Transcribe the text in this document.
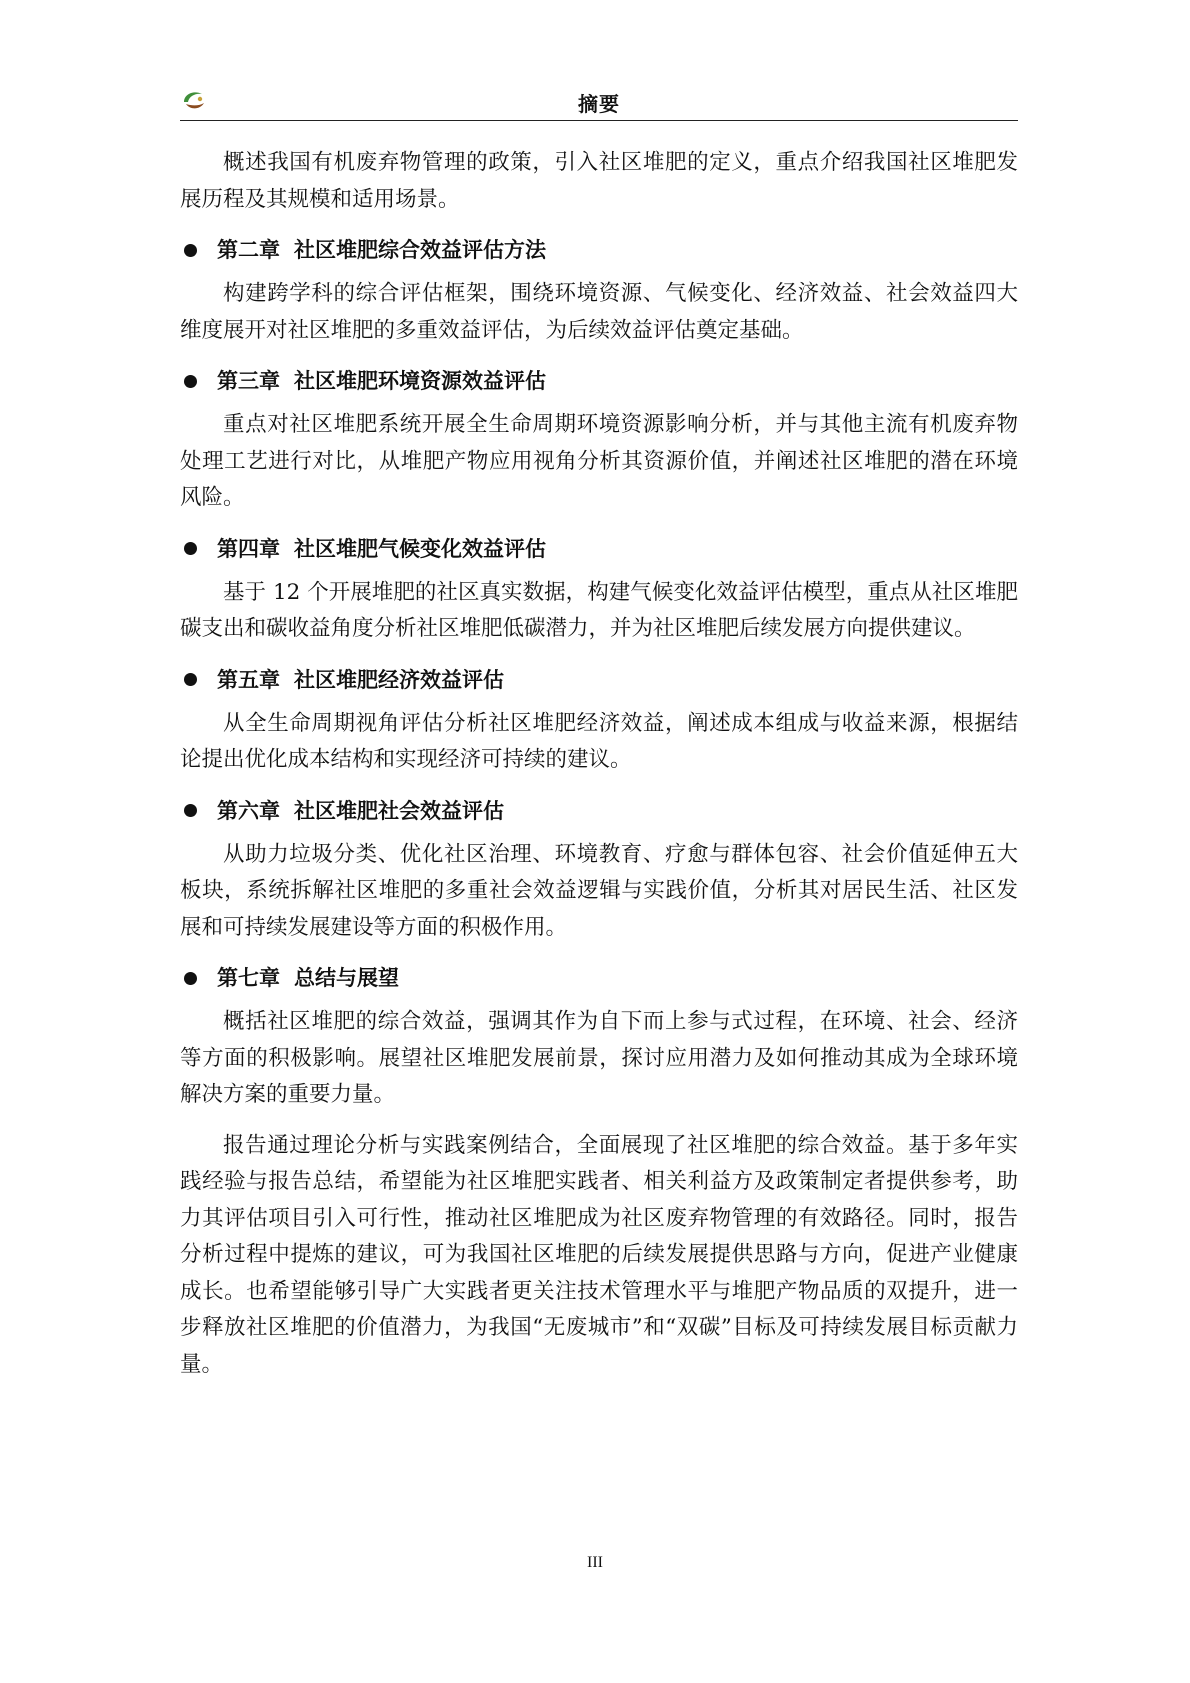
摘要

概述我国有机废弃物管理的政策，引入社区堆肥的定义，重点介绍我国社区堆肥发展历程及其规模和适用场景。

第二章 社区堆肥综合效益评估方法

构建跨学科的综合评估框架，围绕环境资源、气候变化、经济效益、社会效益四大维度展开对社区堆肥的多重效益评估，为后续效益评估奠定基础。

第三章 社区堆肥环境资源效益评估

重点对社区堆肥系统开展全生命周期环境资源影响分析，并与其他主流有机废弃物处理工艺进行对比，从堆肥产物应用视角分析其资源价值，并阐述社区堆肥的潜在环境风险。

第四章 社区堆肥气候变化效益评估

基于 12 个开展堆肥的社区真实数据，构建气候变化效益评估模型，重点从社区堆肥碳支出和碳收益角度分析社区堆肥低碳潜力，并为社区堆肥后续发展方向提供建议。

第五章 社区堆肥经济效益评估

从全生命周期视角评估分析社区堆肥经济效益，阐述成本组成与收益来源，根据结论提出优化成本结构和实现经济可持续的建议。

第六章 社区堆肥社会效益评估

从助力垃圾分类、优化社区治理、环境教育、疗愈与群体包容、社会价值延伸五大板块，系统拆解社区堆肥的多重社会效益逻辑与实践价值，分析其对居民生活、社区发展和可持续发展建设等方面的积极作用。

第七章 总结与展望

概括社区堆肥的综合效益，强调其作为自下而上参与式过程，在环境、社会、经济等方面的积极影响。展望社区堆肥发展前景，探讨应用潜力及如何推动其成为全球环境解决方案的重要力量。

报告通过理论分析与实践案例结合，全面展现了社区堆肥的综合效益。基于多年实践经验与报告总结，希望能为社区堆肥实践者、相关利益方及政策制定者提供参考，助力其评估项目引入可行性，推动社区堆肥成为社区废弃物管理的有效路径。同时，报告分析过程中提炼的建议，可为我国社区堆肥的后续发展提供思路与方向，促进产业健康成长。也希望能够引导广大实践者更关注技术管理水平与堆肥产物品质的双提升，进一步释放社区堆肥的价值潜力，为我国“无废城市”和“双碳”目标及可持续发展目标贡献力量。

III
